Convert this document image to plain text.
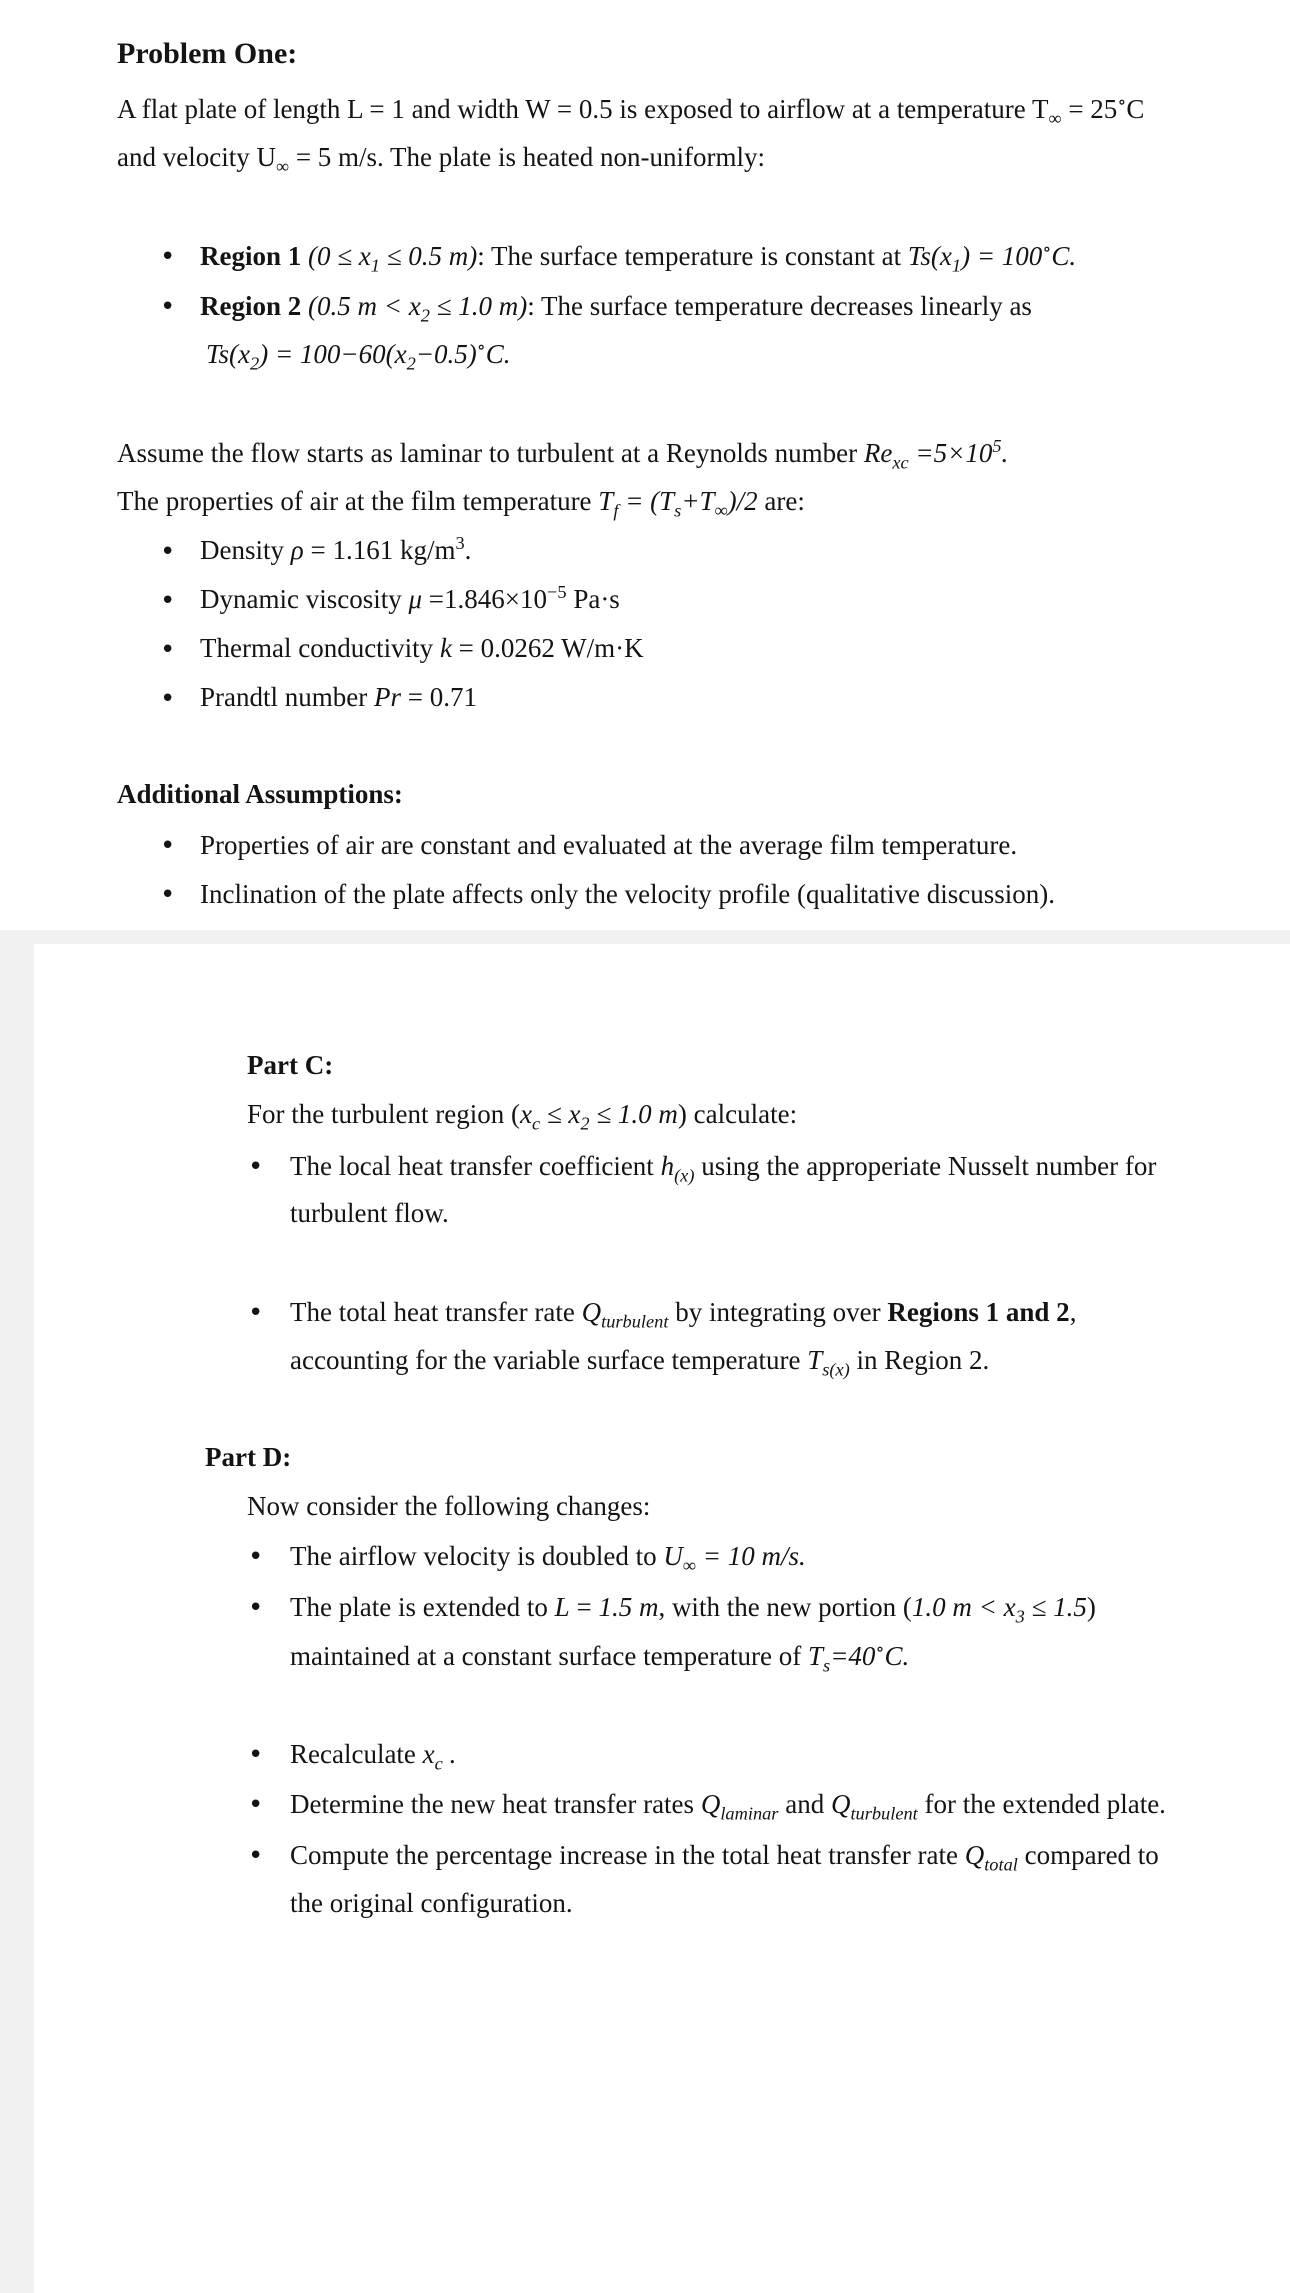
Problem One:
A flat plate of length L = 1 and width W = 0.5 is exposed to airflow at a temperature $T_\infty = 25^\circ C$
and velocity $U_\infty = 5$ m/s. The plate is heated non-uniformly:
• Region 1 ($0 \le x_1 \le 0.5$ m): The surface temperature is constant at $Ts(x_1) = 100^\circ C$.
• Region 2 (0.5 $m < x_2 \le 1.0$ m): The surface temperature decreases linearly as
$Ts(x_2) = 100-60(x_2-0.5)^\circ C$.
Assume the flow starts as laminar to turbulent at a Reynolds number $Re_{xc} =5\times 10^5$.
The properties of air at the film temperature $T_f = (T_s+T_\infty)/2$ are:
• Density ρ = 1.161 $kg/m^3$.
• Dynamic viscosity $\mu =1.846\times 10^{-5}$ Pa·s
• Thermal conductivity k = 0.0262 W/m·K
• Prandtl number Pr = 0.71
Additional Assumptions:
• Properties of air are constant and evaluated at the average film temperature.
• Inclination of the plate affects only the velocity profile (qualitative discussion).
Part C:
For the turbulent region ($x_c \le x_2 \le 1.0$ m) calculate:
• The local heat transfer coefficient $h_{(x)}$ using the approperiate Nusselt number for
turbulent flow.
• The total heat transfer rate $Q_{turbulent}$ by integrating over Regions 1 and 2,
accounting for the variable surface temperature $T_{s(x)}$ in Region 2.
Part D:
Now consider the following changes:
• The airflow velocity is doubled to $U_\infty = 10$ m/s.
• The plate is extended to L = 1.5 m, with the new portion (1.0 $m < x_3 \le 1.5$)
maintained at a constant surface temperature of $T_s=40^\circ C$.
• Recalculate $x_c$ .
• Determine the new heat transfer rates $Q_{laminar}$ and $Q_{turbulent}$ for the extended plate.
• Compute the percentage increase in the total heat transfer rate $Q_{total}$ compared to
the original configuration.
